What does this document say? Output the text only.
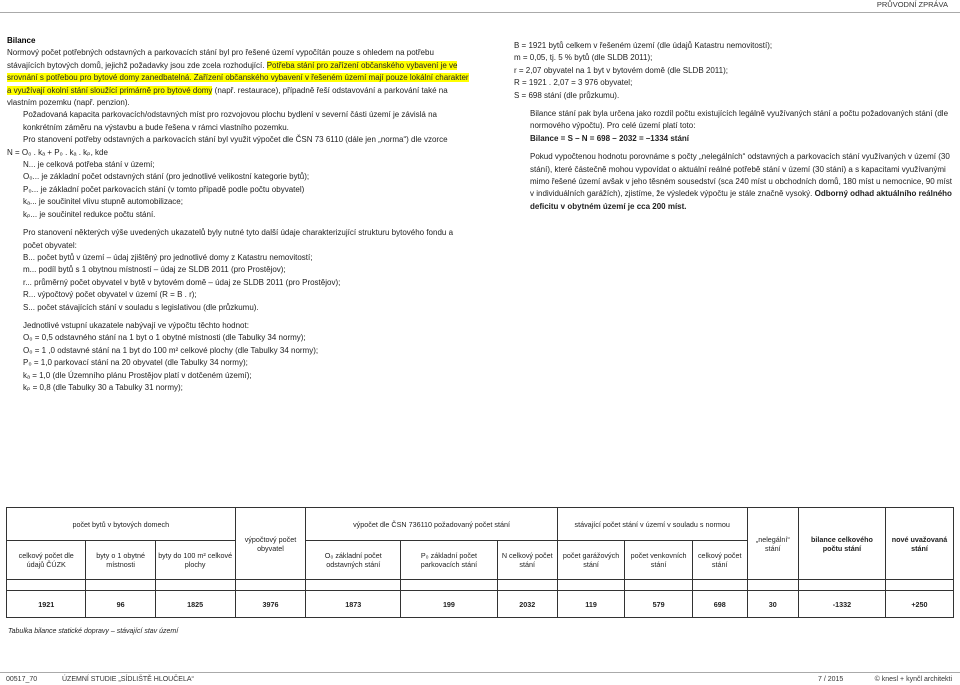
PRŮVODNÍ ZPRÁVA

Bilance

Normový počet potřebných odstavných a parkovacích stání byl pro řešené území vypočítán pouze s ohledem na potřebu stávajících bytových domů, jejichž požadavky jsou zde zcela rozhodující. Potřeba stání pro zařízení občanského vybavení je ve srovnání s potřebou pro bytové domy zanedbatelná. Zařízení občanského vybavení v řešeném území mají pouze lokální charakter a využívají okolní stání sloužící primárně pro bytové domy (např. restaurace), případně řeší odstavování a parkování také na vlastním pozemku (např. penzion).

Požadovaná kapacita parkovacích/odstavných míst pro rozvojovou plochu bydlení v severní části území je závislá na konkrétním záměru na výstavbu a bude řešena v rámci vlastního pozemku.

Pro stanovení potřeby odstavných a parkovacích stání byl využit výpočet dle ČSN 73 6110 (dále jen „norma“) dle vzorce

N = O₀ . kₐ + P₀ . kₐ . kₚ, kde

N... je celková potřeba stání v území;

O₀... je základní počet odstavných stání (pro jednotlivé velikostní kategorie bytů);

P₀... je základní počet parkovacích stání (v tomto případě podle počtu obyvatel)

kₐ... je součinitel vlivu stupně automobilizace;

kₚ... je součinitel redukce počtu stání.

Pro stanovení některých výše uvedených ukazatelů byly nutné tyto další údaje charakterizující strukturu bytového fondu a počet obyvatel:

B... počet bytů v území – údaj zjištěný pro jednotlivé domy z Katastru nemovitostí;

m... podíl bytů s 1 obytnou místností – údaj ze SLDB 2011 (pro Prostějov);

r... průměrný počet obyvatel v bytě v bytovém domě – údaj ze SLDB 2011 (pro Prostějov);

R... výpočtový počet obyvatel v území (R = B . r);

S... počet stávajících stání v souladu s legislativou (dle průzkumu).

Jednotlivé vstupní ukazatele nabývají ve výpočtu těchto hodnot:

O₀ = 0,5 odstavného stání na 1 byt o 1 obytné místnosti (dle Tabulky 34 normy);

O₀ = 1 ,0 odstavné stání na 1 byt do 100 m² celkové plochy (dle Tabulky 34 normy);

P₀ = 1,0 parkovací stání na 20 obyvatel (dle Tabulky 34 normy);

kₐ = 1,0 (dle Územního plánu Prostějov platí v dotčeném území);

kₚ = 0,8 (dle Tabulky 30 a Tabulky 31 normy);

B = 1921 bytů celkem v řešeném území (dle údajů Katastru nemovitostí);

m = 0,05, tj. 5 % bytů (dle SLDB 2011);

r = 2,07 obyvatel na 1 byt v bytovém domě (dle SLDB 2011);

R = 1921 . 2,07 = 3 976 obyvatel;

S = 698 stání (dle průzkumu).

Bilance stání pak byla určena jako rozdíl počtu existujících legálně využívaných stání a počtu požadovaných stání (dle normového výpočtu). Pro celé území platí toto:

Bilance = S – N = 698 – 2032 = –1334 stání

Pokud vypočtenou hodnotu porovnáme s počty „nelegálních“ odstavných a parkovacích stání využívaných v území (30 stání), které částečně mohou vypovídat o aktuální reálné potřebě stání v území (30 stání) a s kapacitami využívanými mimo řešené území avšak v jeho těsném sousedství (sca 240 míst u obchodních domů, 180 míst u nemocnice, 90 míst v individuálních garážích), zjistíme, že výsledek výpočtu je stále značně vysoký. Odborný odhad aktuálního reálného deficitu v obytném území je cca 200 míst.

počet bytů v bytových domech			výpočtový počet obyvatel	výpočet dle ČSN 736110 požadovaný počet stání			stávající počet stání v území v souladu s normou			„nelegální“ stání	bilance celkového počtu stání	nové uvažovaná stání
celkový počet dle údajů ČÚZK	byty o 1 obytné místnosti	byty do 100 m² celkové plochy		O₀ základní počet odstavných stání	P₀ základní počet parkovacích stání	N celkový počet stání	počet garážových stání	počet venkovních stání	celkový počet stání			

1921	96	1825	3976	1873	199	2032	119	579	698	30	-1332	+250
Tabulka bilance statické dopravy – stávající stav území
00517_70	ÚZEMNÍ STUDIE „SÍDLIŠTĚ HLOUČELA“	7 / 2015	© knesl + kynčl architekti
